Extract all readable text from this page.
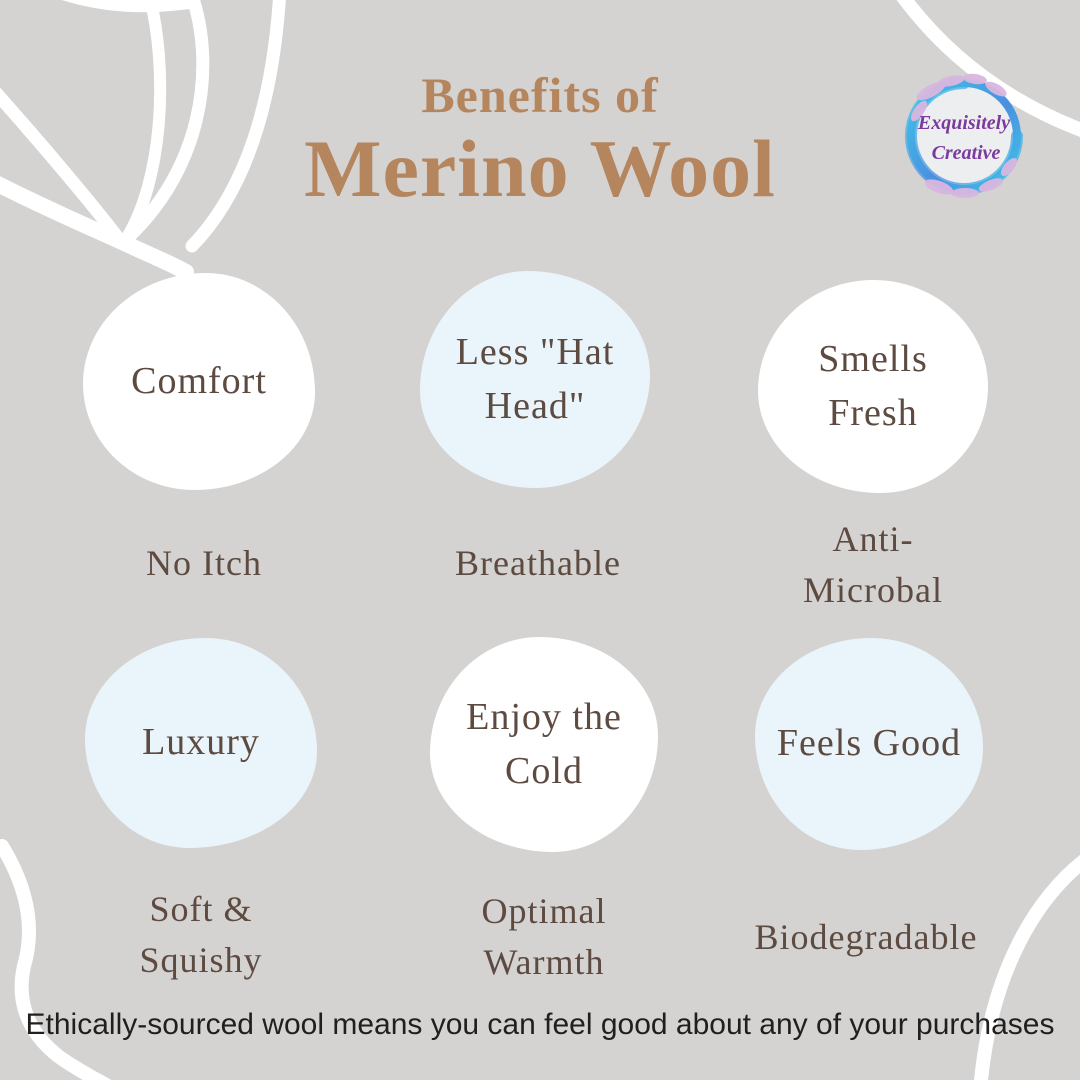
Benefits of
Merino Wool	Exquisitely
Creative
Comfort
Less "Hat Head"
Smells Fresh
Luxury
Enjoy the Cold
Feels Good
No Itch	Breathable
Anti-Microbal
Soft & Squishy
Optimal Warmth
Biodegradable
Ethically-sourced wool means you can feel good about any of your purchases
